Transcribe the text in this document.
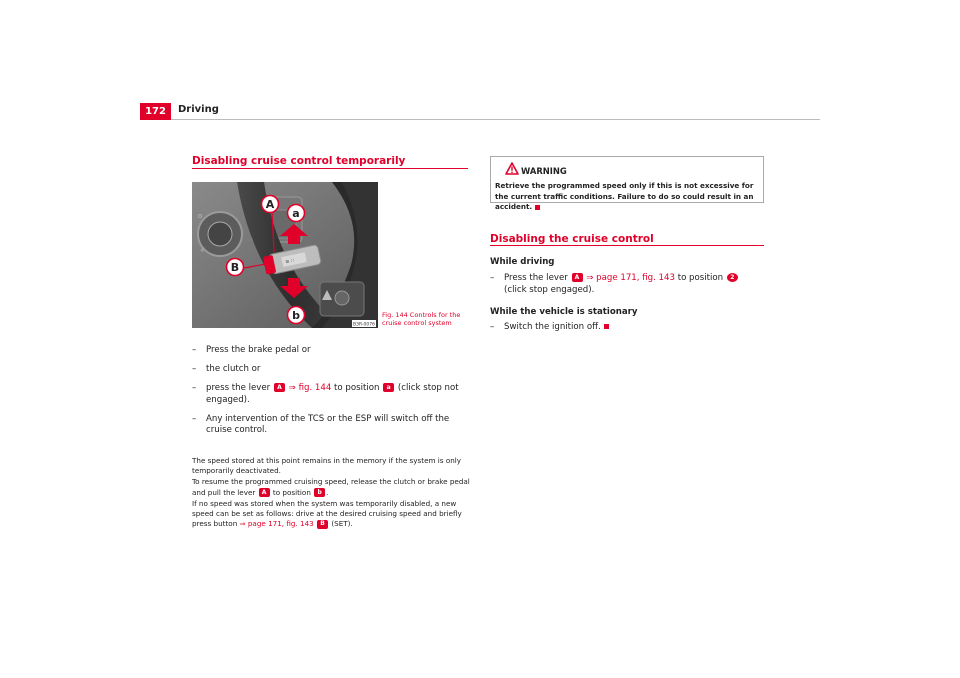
172	Driving
Disabling cruise control temporarily
O
☼
≡ ∷
A
a
B
b
B3R-0076
Fig. 144 Controls for the cruise control system
– Press the brake pedal or
– the clutch or
– press the lever A ⇒ fig. 144 to position a (click stop not engaged).
– Any intervention of the TCS or the ESP will switch off the cruise control.

The speed stored at this point remains in the memory if the system is only temporarily deactivated.

To resume the programmed cruising speed, release the clutch or brake pedal and pull the lever A to position b .

If no speed was stored when the system was temporarily disabled, a new speed can be set as follows: drive at the desired cruising speed and briefly press button ⇒ page 171, fig. 143 B (SET).

WARNING
Retrieve the programmed speed only if this is not excessive for the current traffic conditions. Failure to do so could result in an accident.
Disabling the cruise control
While driving
– Press the lever A ⇒ page 171, fig. 143 to position 2 (click stop engaged).
While the vehicle is stationary
– Switch the ignition off.
